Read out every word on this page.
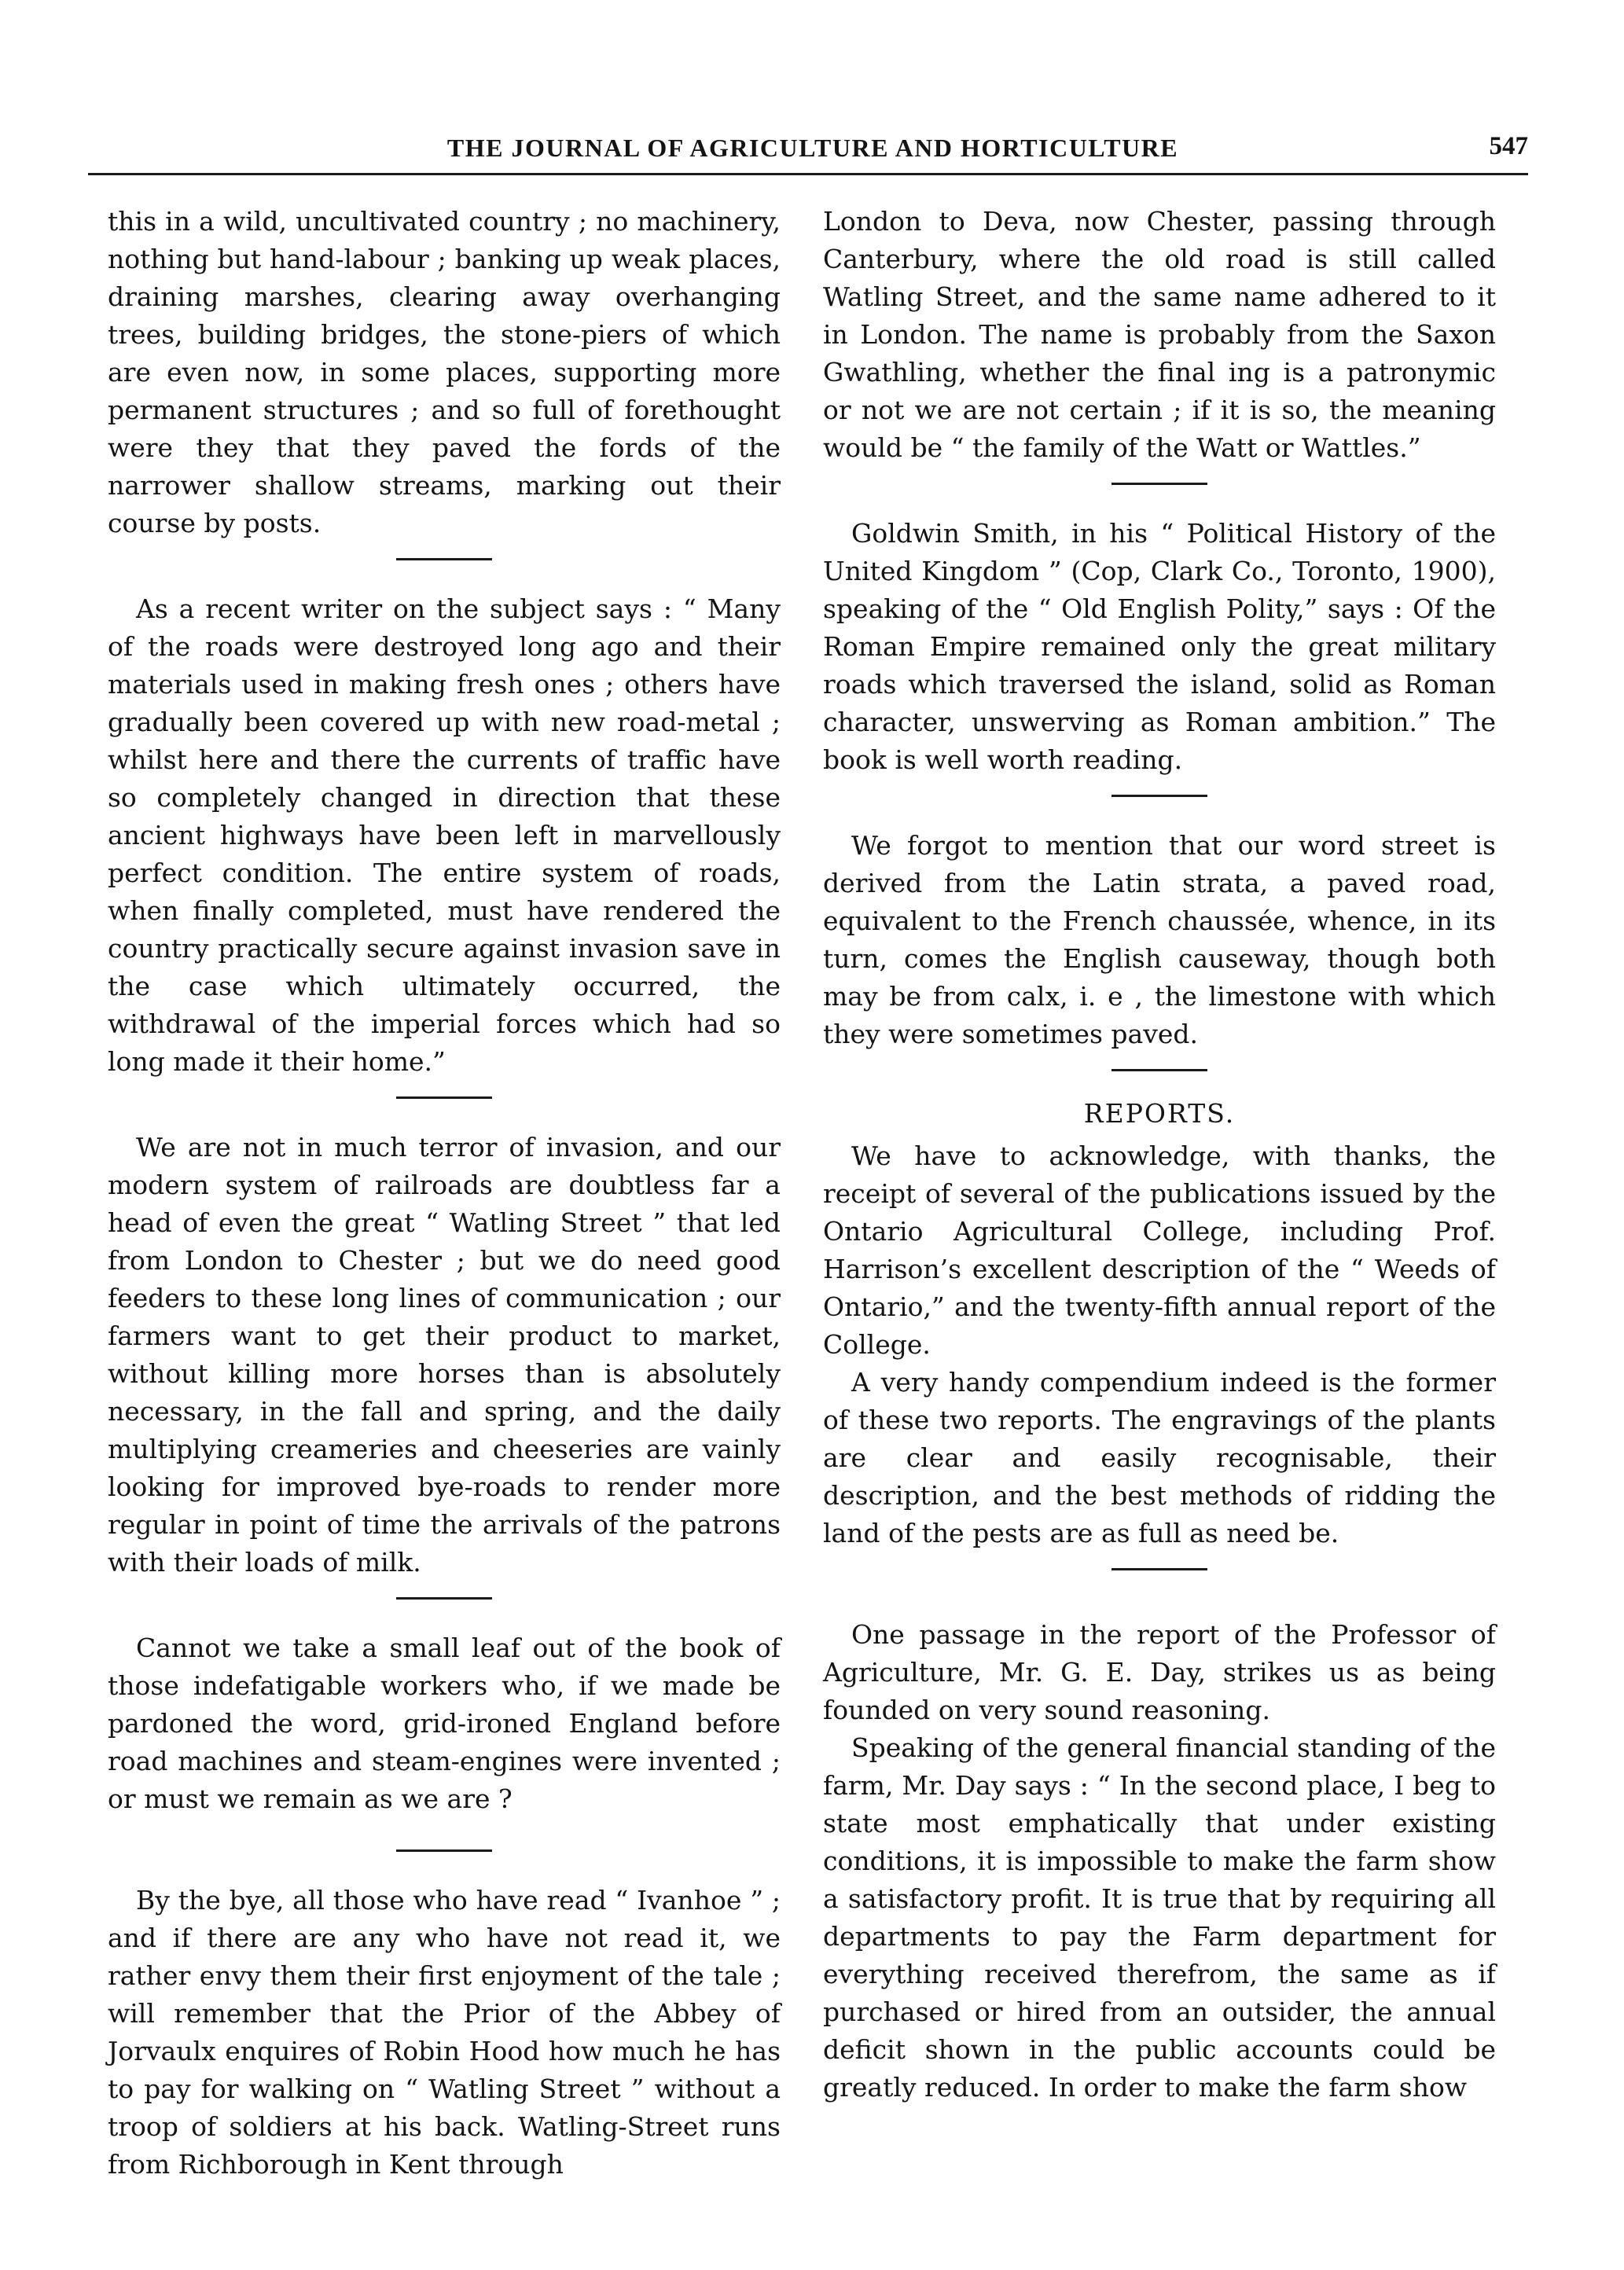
THE JOURNAL OF AGRICULTURE AND HORTICULTURE	547

this in a wild, uncultivated country ; no machinery, nothing but hand-labour ; banking up weak places, draining marshes, clearing away overhanging trees, building bridges, the stone-piers of which are even now, in some places, supporting more permanent structures ; and so full of forethought were they that they paved the fords of the narrower shallow streams, marking out their course by posts.

As a recent writer on the subject says : “ Many of the roads were destroyed long ago and their materials used in making fresh ones ; others have gradually been covered up with new road-metal ; whilst here and there the currents of traffic have so completely changed in direction that these ancient highways have been left in marvellously perfect condition. The entire system of roads, when finally completed, must have rendered the country practically secure against invasion save in the case which ultimately occurred, the withdrawal of the imperial forces which had so long made it their home.”

We are not in much terror of invasion, and our modern system of railroads are doubtless far a head of even the great “ Watling Street ” that led from London to Chester ; but we do need good feeders to these long lines of communication ; our farmers want to get their product to market, without killing more horses than is absolutely necessary, in the fall and spring, and the daily multiplying creameries and cheeseries are vainly looking for improved bye-roads to render more regular in point of time the arrivals of the patrons with their loads of milk.

Cannot we take a small leaf out of the book of those indefatigable workers who, if we made be pardoned the word, grid-ironed England before road machines and steam-engines were invented ; or must we remain as we are ?

By the bye, all those who have read “ Ivanhoe ” ; and if there are any who have not read it, we rather envy them their first enjoyment of the tale ; will remember that the Prior of the Abbey of Jorvaulx enquires of Robin Hood how much he has to pay for walking on “ Watling Street ” without a troop of soldiers at his back. Watling-Street runs from Richborough in Kent through

London to Deva, now Chester, passing through Canterbury, where the old road is still called Watling Street, and the same name adhered to it in London. The name is probably from the Saxon Gwathling, whether the final ing is a patronymic or not we are not certain ; if it is so, the meaning would be “ the family of the Watt or Wattles.”

Goldwin Smith, in his “ Political History of the United Kingdom ” (Cop, Clark Co., Toronto, 1900), speaking of the “ Old English Polity,” says : Of the Roman Empire remained only the great military roads which traversed the island, solid as Roman character, unswerving as Roman ambition.” The book is well worth reading.

We forgot to mention that our word street is derived from the Latin strata, a paved road, equivalent to the French chaussée, whence, in its turn, comes the English causeway, though both may be from calx, i. e , the limestone with which they were sometimes paved.

REPORTS.

We have to acknowledge, with thanks, the receipt of several of the publications issued by the Ontario Agricultural College, including Prof. Harrison’s excellent description of the “ Weeds of Ontario,” and the twenty-fifth annual report of the College.

A very handy compendium indeed is the former of these two reports. The engravings of the plants are clear and easily recognisable, their description, and the best methods of ridding the land of the pests are as full as need be.

One passage in the report of the Professor of Agriculture, Mr. G. E. Day, strikes us as being founded on very sound reasoning.

Speaking of the general financial standing of the farm, Mr. Day says : “ In the second place, I beg to state most emphatically that under existing conditions, it is impossible to make the farm show a satisfactory profit. It is true that by requiring all departments to pay the Farm department for everything received therefrom, the same as if purchased or hired from an outsider, the annual deficit shown in the public accounts could be greatly reduced. In order to make the farm show
